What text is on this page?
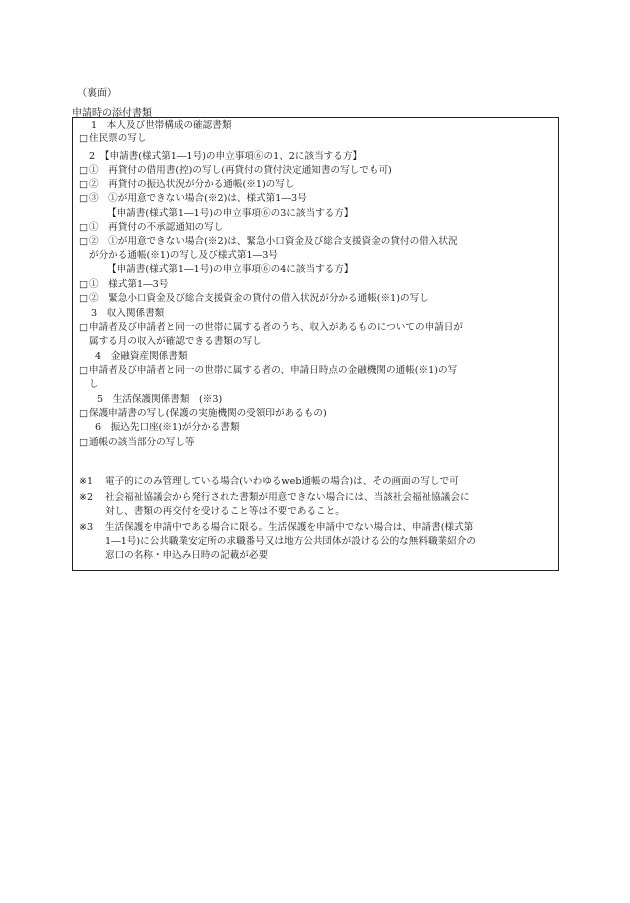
（裏面）
申請時の添付書類
1　本人及び世帯構成の確認書類
□ 住民票の写し
2　【申請書(様式第1―1号)の申立事項⑥の1、2に該当する方】
□ ①　再貸付の借用書(控)の写し(再貸付の貸付決定通知書の写しでも可)
□ ②　再貸付の振込状況が分かる通帳(※1)の写し
□ ③　①が用意できない場合(※2)は、様式第1―3号
【申請書(様式第1―1号)の申立事項⑥の3に該当する方】
□ ①　再貸付の不承認通知の写し
□ ②　①が用意できない場合(※2)は、緊急小口資金及び総合支援資金の貸付の借入状況
が分かる通帳(※1)の写し及び様式第1―3号
【申請書(様式第1―1号)の申立事項⑥の4に該当する方】
□ ①　様式第1―3号
□ ②　緊急小口資金及び総合支援資金の貸付の借入状況が分かる通帳(※1)の写し
3　収入関係書類
□ 申請者及び申請者と同一の世帯に属する者のうち、収入があるものについての申請日が
属する月の収入が確認できる書類の写し
4　金融資産関係書類
□ 申請者及び申請者と同一の世帯に属する者の、申請日時点の金融機関の通帳(※1)の写
し
5　生活保護関係書類　(※3)
□ 保護申請書の写し(保護の実施機関の受領印があるもの)
6　振込先口座(※1)が分かる書類
□ 通帳の該当部分の写し等
※1 電子的にのみ管理している場合(いわゆるweb通帳の場合)は、その画面の写しで可
※2 社会福祉協議会から発行された書類が用意できない場合には、当該社会福祉協議会に
対し、書類の再交付を受けること等は不要であること。
※3 生活保護を申請中である場合に限る。生活保護を申請中でない場合は、申請書(様式第
1―1号)に公共職業安定所の求職番号又は地方公共団体が設ける公的な無料職業紹介の
窓口の名称・申込み日時の記載が必要
